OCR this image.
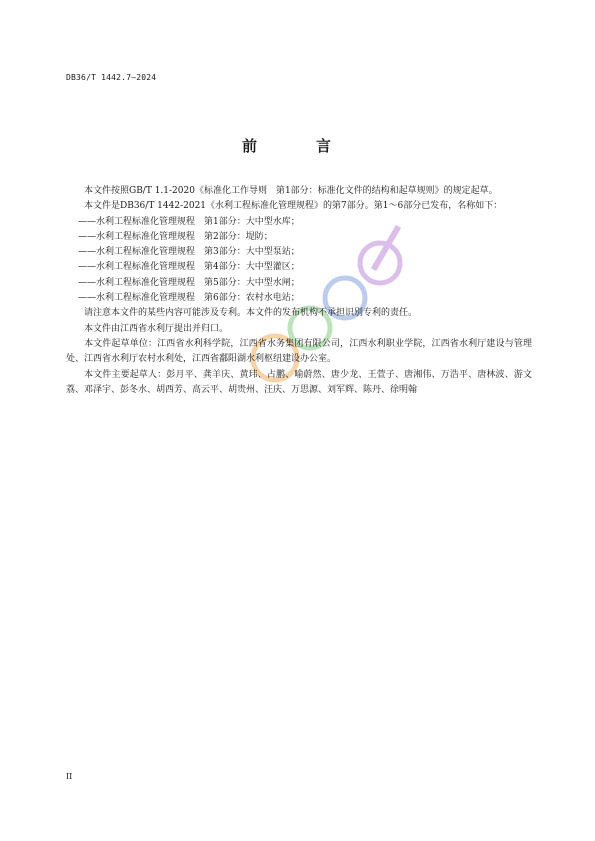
DB36/T 1442.7—2024
前　言

本文件按照GB/T 1.1-2020《标准化工作导则　第1部分：标准化文件的结构和起草规则》的规定起草。

本文件是DB36/T 1442-2021《水利工程标准化管理规程》的第7部分。第1～6部分已发布，名称如下：

——水利工程标准化管理规程　第1部分：大中型水库；

——水利工程标准化管理规程　第2部分：堤防；

——水利工程标准化管理规程　第3部分：大中型泵站；

——水利工程标准化管理规程　第4部分：大中型灌区；

——水利工程标准化管理规程　第5部分：大中型水闸；

——水利工程标准化管理规程　第6部分：农村水电站；

请注意本文件的某些内容可能涉及专利。本文件的发布机构不承担识别专利的责任。

本文件由江西省水利厅提出并归口。

本文件起草单位：江西省水利科学院，江西省水务集团有限公司，江西水利职业学院，江西省水利厅建设与管理处、江西省水利厅农村水利处，江西省鄱阳湖水利枢纽建设办公室。

本文件主要起草人：彭月平、龚羊庆、黄玮、占鹏、喻蔚然、唐少龙、王萱子、唐湘伟、万浩平、唐林波、游文荔、邓泽宇、彭冬水、胡西芳、高云平、胡贵州、汪庆、万思源、刘军辉、陈丹、徐明翰

II
